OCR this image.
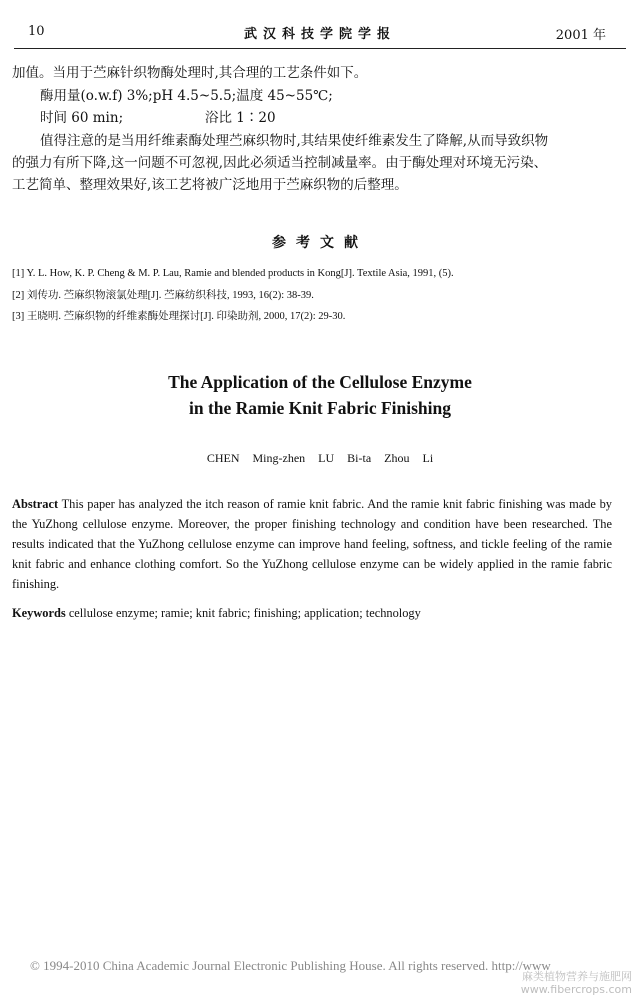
10	武汉科技学院学报	2001 年
加值。当用于苎麻针织物酶处理时,其合理的工艺条件如下。
酶用量(o.w.f) 3%;pH 4.5~5.5;温度 45~55℃;
时间 60 min;	浴比 1∶20
值得注意的是当用纤维素酶处理苎麻织物时,其结果使纤维素发生了降解,从而导致织物
的强力有所下降,这一问题不可忽视,因此必须适当控制减量率。由于酶处理对环境无污染、
工艺简单、整理效果好,该工艺将被广泛地用于苎麻织物的后整理。
参考文献
[1] Y. L. How, K. P. Cheng & M. P. Lau, Ramie and blended products in Kong[J]. Textile Asia, 1991, (5).
[2] 刘传功. 苎麻织物滚氯处理[J]. 苎麻纺织科技, 1993, 16(2): 38-39.
[3] 王晓明. 苎麻织物的纤维素酶处理探讨[J]. 印染助剂, 2000, 17(2): 29-30.
The Application of the Cellulose Enzyme
in the Ramie Knit Fabric Finishing
CHEN Ming-zhen LU Bi-ta Zhou Li
Abstract This paper has analyzed the itch reason of ramie knit fabric. And the ramie knit fabric finishing was made by the YuZhong cellulose enzyme. Moreover, the proper finishing technology and condition have been researched. The results indicated that the YuZhong cellulose enzyme can improve hand feeling, softness, and tickle feeling of the ramie knit fabric and enhance clothing comfort. So the YuZhong cellulose enzyme can be widely applied in the ramie fabric finishing.
Keywords cellulose enzyme; ramie; knit fabric; finishing; application; technology
© 1994-2010 China Academic Journal Electronic Publishing House. All rights reserved. http://www
麻类植物营养与施肥网
www.fibercrops.com
